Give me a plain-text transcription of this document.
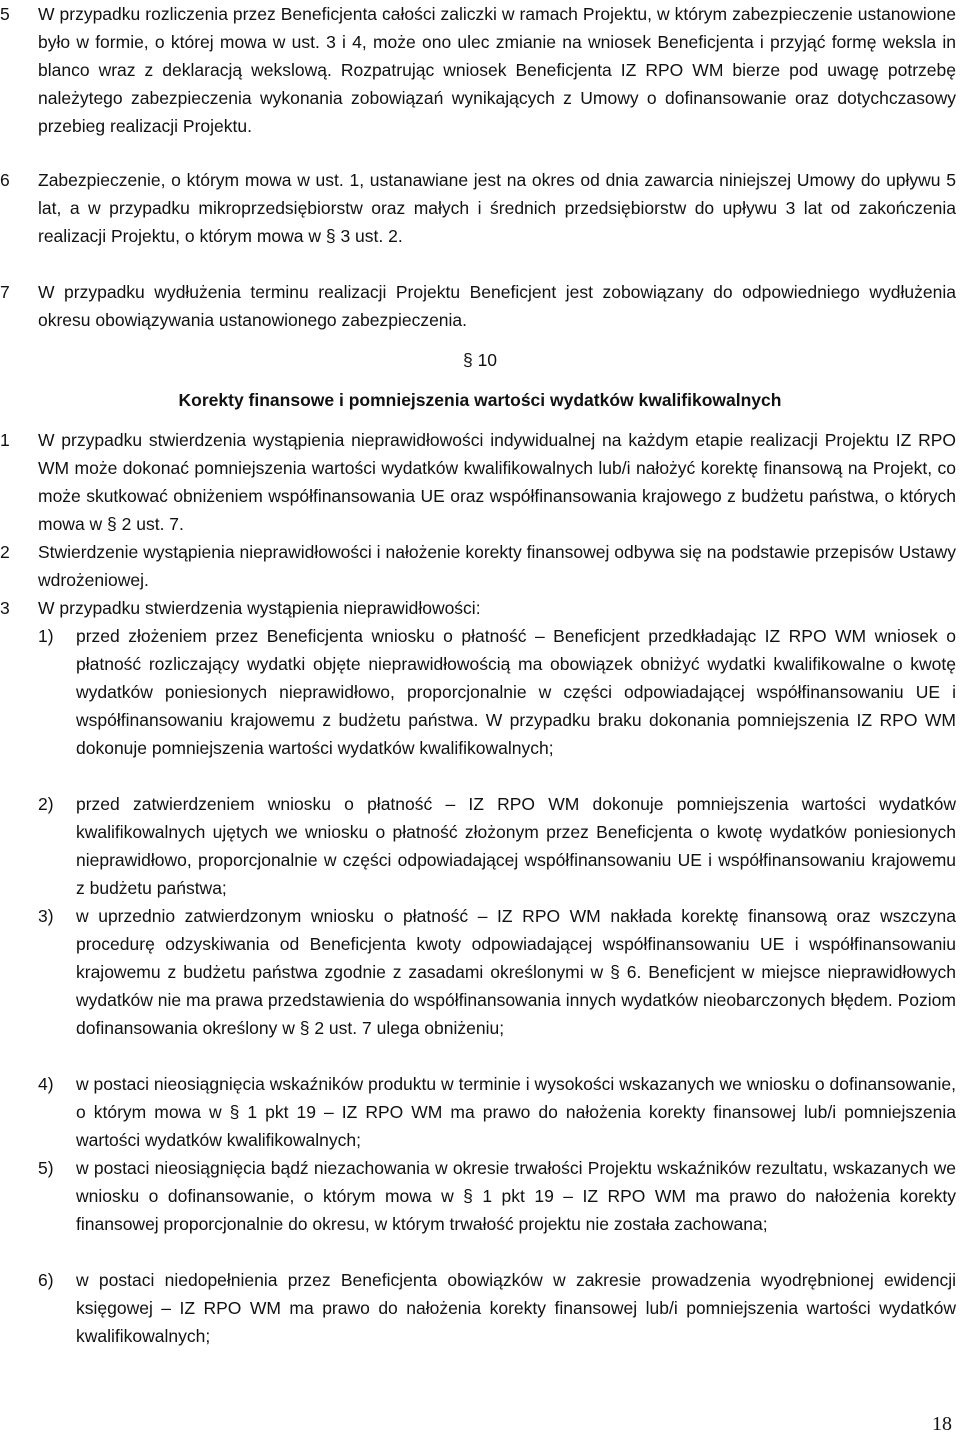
5 W przypadku rozliczenia przez Beneficjenta całości zaliczki w ramach Projektu, w którym zabezpieczenie ustanowione było w formie, o której mowa w ust. 3 i 4, może ono ulec zmianie na wniosek Beneficjenta i przyjąć formę weksla in blanco wraz z deklaracją wekslową. Rozpatrując wniosek Beneficjenta IZ RPO WM bierze pod uwagę potrzebę należytego zabezpieczenia wykonania zobowiązań wynikających z Umowy o dofinansowanie oraz dotychczasowy przebieg realizacji Projektu.
6 Zabezpieczenie, o którym mowa w ust. 1, ustanawiane jest na okres od dnia zawarcia niniejszej Umowy do upływu 5 lat, a w przypadku mikroprzedsiębiorstw oraz małych i średnich przedsiębiorstw do upływu 3 lat od zakończenia realizacji Projektu, o którym mowa w § 3 ust. 2.
7 W przypadku wydłużenia terminu realizacji Projektu Beneficjent jest zobowiązany do odpowiedniego wydłużenia okresu obowiązywania ustanowionego zabezpieczenia.
§ 10
Korekty finansowe i pomniejszenia wartości wydatków kwalifikowalnych
1 W przypadku stwierdzenia wystąpienia nieprawidłowości indywidualnej na każdym etapie realizacji Projektu IZ RPO WM może dokonać pomniejszenia wartości wydatków kwalifikowalnych lub/i nałożyć korektę finansową na Projekt, co może skutkować obniżeniem współfinansowania UE oraz współfinansowania krajowego z budżetu państwa, o których mowa w § 2 ust. 7.
2 Stwierdzenie wystąpienia nieprawidłowości i nałożenie korekty finansowej odbywa się na podstawie przepisów Ustawy wdrożeniowej.
3 W przypadku stwierdzenia wystąpienia nieprawidłowości:
1) przed złożeniem przez Beneficjenta wniosku o płatność – Beneficjent przedkładając IZ RPO WM wniosek o płatność rozliczający wydatki objęte nieprawidłowością ma obowiązek obniżyć wydatki kwalifikowalne o kwotę wydatków poniesionych nieprawidłowo, proporcjonalnie w części odpowiadającej współfinansowaniu UE i współfinansowaniu krajowemu z budżetu państwa. W przypadku braku dokonania pomniejszenia IZ RPO WM dokonuje pomniejszenia wartości wydatków kwalifikowalnych;
2) przed zatwierdzeniem wniosku o płatność – IZ RPO WM dokonuje pomniejszenia wartości wydatków kwalifikowalnych ujętych we wniosku o płatność złożonym przez Beneficjenta o kwotę wydatków poniesionych nieprawidłowo, proporcjonalnie w części odpowiadającej współfinansowaniu UE i współfinansowaniu krajowemu z budżetu państwa;
3) w uprzednio zatwierdzonym wniosku o płatność – IZ RPO WM nakłada korektę finansową oraz wszczyna procedurę odzyskiwania od Beneficjenta kwoty odpowiadającej współfinansowaniu UE i współfinansowaniu krajowemu z budżetu państwa zgodnie z zasadami określonymi w § 6. Beneficjent w miejsce nieprawidłowych wydatków nie ma prawa przedstawienia do współfinansowania innych wydatków nieobarczonych błędem. Poziom dofinansowania określony w § 2 ust. 7 ulega obniżeniu;
4) w postaci nieosiągnięcia wskaźników produktu w terminie i wysokości wskazanych we wniosku o dofinansowanie, o którym mowa w § 1 pkt 19 – IZ RPO WM ma prawo do nałożenia korekty finansowej lub/i pomniejszenia wartości wydatków kwalifikowalnych;
5) w postaci nieosiągnięcia bądź niezachowania w okresie trwałości Projektu wskaźników rezultatu, wskazanych we wniosku o dofinansowanie, o którym mowa w § 1 pkt 19 – IZ RPO WM ma prawo do nałożenia korekty finansowej proporcjonalnie do okresu, w którym trwałość projektu nie została zachowana;
6) w postaci niedopełnienia przez Beneficjenta obowiązków w zakresie prowadzenia wyodrębnionej ewidencji księgowej – IZ RPO WM ma prawo do nałożenia korekty finansowej lub/i pomniejszenia wartości wydatków kwalifikowalnych;
18
